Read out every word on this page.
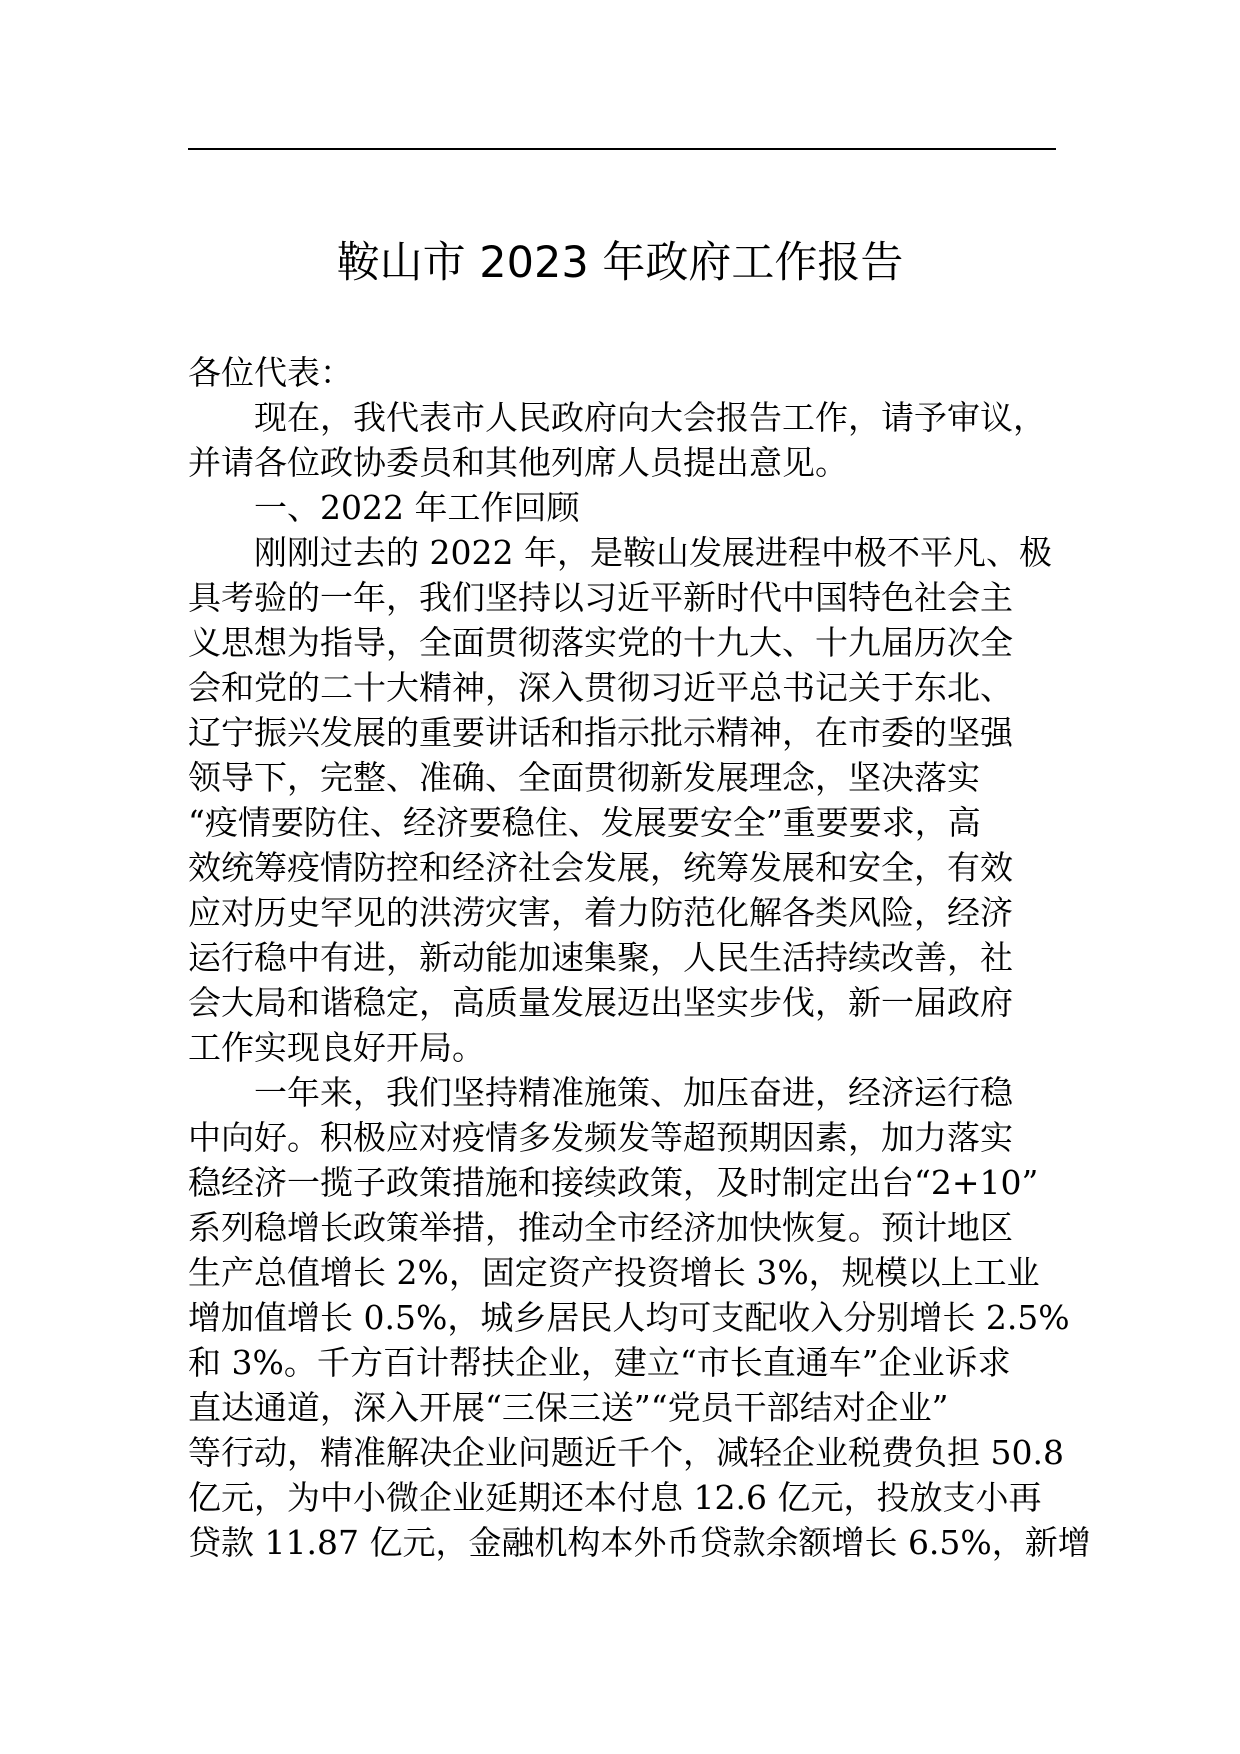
鞍山市 2023 年政府工作报告
各位代表：
现在，我代表市人民政府向大会报告工作，请予审议，
并请各位政协委员和其他列席人员提出意见。
一、2022 年工作回顾
刚刚过去的 2022 年，是鞍山发展进程中极不平凡、极
具考验的一年，我们坚持以习近平新时代中国特色社会主
义思想为指导，全面贯彻落实党的十九大、十九届历次全
会和党的二十大精神，深入贯彻习近平总书记关于东北、
辽宁振兴发展的重要讲话和指示批示精神，在市委的坚强
领导下，完整、准确、全面贯彻新发展理念，坚决落实
“疫情要防住、经济要稳住、发展要安全”重要要求，高
效统筹疫情防控和经济社会发展，统筹发展和安全，有效
应对历史罕见的洪涝灾害，着力防范化解各类风险，经济
运行稳中有进，新动能加速集聚，人民生活持续改善，社
会大局和谐稳定，高质量发展迈出坚实步伐，新一届政府
工作实现良好开局。
一年来，我们坚持精准施策、加压奋进，经济运行稳
中向好。积极应对疫情多发频发等超预期因素，加力落实
稳经济一揽子政策措施和接续政策，及时制定出台“2+10”
系列稳增长政策举措，推动全市经济加快恢复。预计地区
生产总值增长 2%，固定资产投资增长 3%，规模以上工业
增加值增长 0.5%，城乡居民人均可支配收入分别增长 2.5%
和 3%。千方百计帮扶企业，建立“市长直通车”企业诉求
直达通道，深入开展“三保三送”“党员干部结对企业”
等行动，精准解决企业问题近千个，减轻企业税费负担 50.8
亿元，为中小微企业延期还本付息 12.6 亿元，投放支小再
贷款 11.87 亿元，金融机构本外币贷款余额增长 6.5%，新增
